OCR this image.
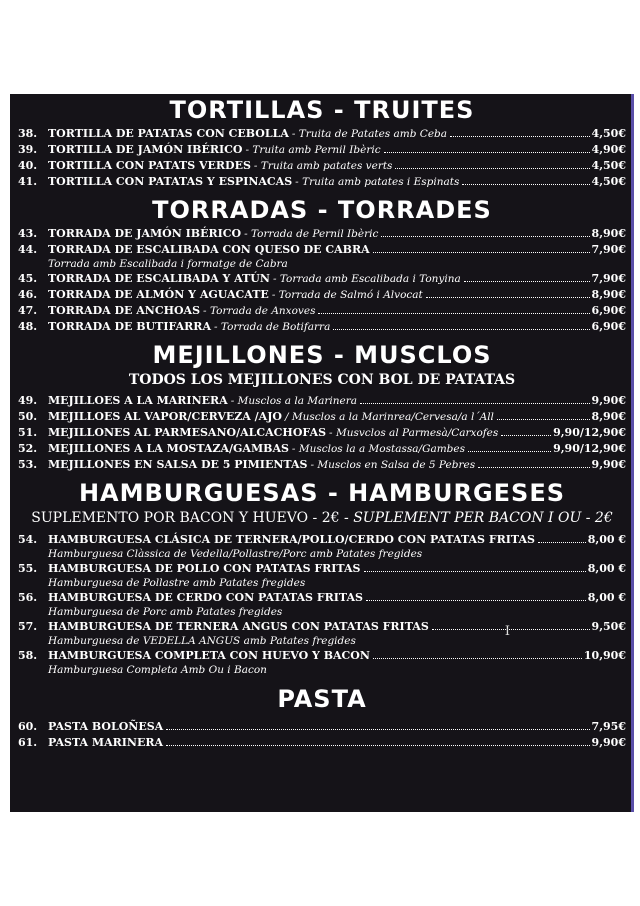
TORTILLAS - TRUITES
38. TORTILLA DE PATATAS CON CEBOLLA - Truita de Patates amb Ceba	4,50€
39. TORTILLA DE JAMÓN IBÉRICO - Truita amb Pernil Ibèric	4,90€
40. TORTILLA CON PATATS VERDES - Truita amb patates verts	4,50€
41. TORTILLA CON PATATAS Y ESPINACAS - Truita amb patates i Espinats	4,50€
TORRADAS - TORRADES
43. TORRADA DE JAMÓN IBÉRICO - Torrada de Pernil Ibèric	8,90€
44. TORRADA DE ESCALIBADA CON QUESO DE CABRA	7,90€
Torrada amb Escalibada i formatge de Cabra
45. TORRADA DE ESCALIBADA Y ATÚN - Torrada amb Escalibada i Tonyina	7,90€
46. TORRADA DE ALMÓN Y AGUACATE - Torrada de Salmó i Alvocat	8,90€
47. TORRADA DE ANCHOAS - Torrada de Anxoves	6,90€
48. TORRADA DE BUTIFARRA - Torrada de Botifarra	6,90€
MEJILLONES - MUSCLOS
TODOS LOS MEJILLONES CON BOL DE PATATAS
49. MEJILLOES A LA MARINERA - Musclos a la Marinera	9,90€
50. MEJILLOES AL VAPOR/CERVEZA /AJO / Musclos a la Marinrea/Cervesa/a l´All	8,90€
51. MEJILLONES AL PARMESANO/ALCACHOFAS - Musvclos al Parmesà/Carxofes	9,90/12,90€
52. MEJILLONES A LA MOSTAZA/GAMBAS - Musclos la a Mostassa/Gambes	9,90/12,90€
53. MEJILLONES EN SALSA DE 5 PIMIENTAS - Musclos en Salsa de 5 Pebres	9,90€
HAMBURGUESAS - HAMBURGESES
SUPLEMENTO POR BACON Y HUEVO - 2€ - SUPLEMENT PER BACON I OU - 2€
54. HAMBURGUESA CLÁSICA DE TERNERA/POLLO/CERDO CON PATATAS FRITAS	8,00 €
Hamburguesa Clàssica de Vedella/Pollastre/Porc amb Patates fregides
55. HAMBURGUESA DE POLLO CON PATATAS FRITAS	8,00 €
Hamburguesa de Pollastre amb Patates fregides
56. HAMBURGUESA DE CERDO CON PATATAS FRITAS	8,00 €
Hamburguesa de Porc amb Patates fregides
57. HAMBURGUESA DE TERNERA ANGUS CON PATATAS FRITAS	9,50€
Hamburguesa de VEDELLA ANGUS amb Patates fregides
58. HAMBURGUESA COMPLETA CON HUEVO Y BACON	10,90€
Hamburguesa Completa Amb Ou i Bacon
PASTA
60. PASTA BOLOÑESA	7,95€
61. PASTA MARINERA	9,90€
I
